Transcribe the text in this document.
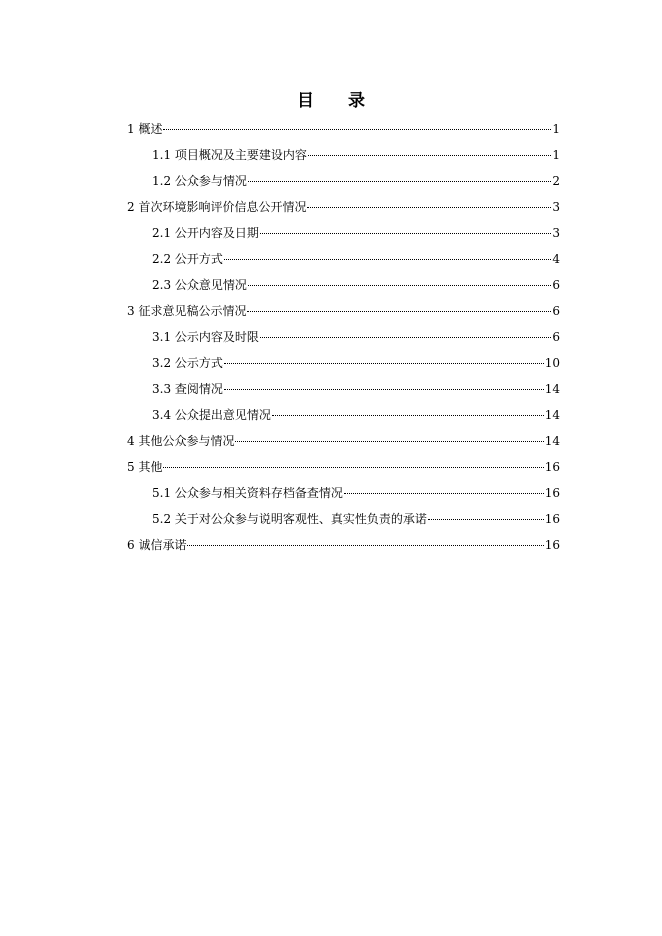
目 录
1 概述	1
1.1 项目概况及主要建设内容	1
1.2 公众参与情况	2
2 首次环境影响评价信息公开情况	3
2.1 公开内容及日期	3
2.2 公开方式	4
2.3 公众意见情况	6
3 征求意见稿公示情况	6
3.1 公示内容及时限	6
3.2 公示方式	10
3.3 查阅情况	14
3.4 公众提出意见情况	14
4 其他公众参与情况	14
5 其他	16
5.1 公众参与相关资料存档备查情况	16
5.2 关于对公众参与说明客观性、真实性负责的承诺	16
6 诚信承诺	16
